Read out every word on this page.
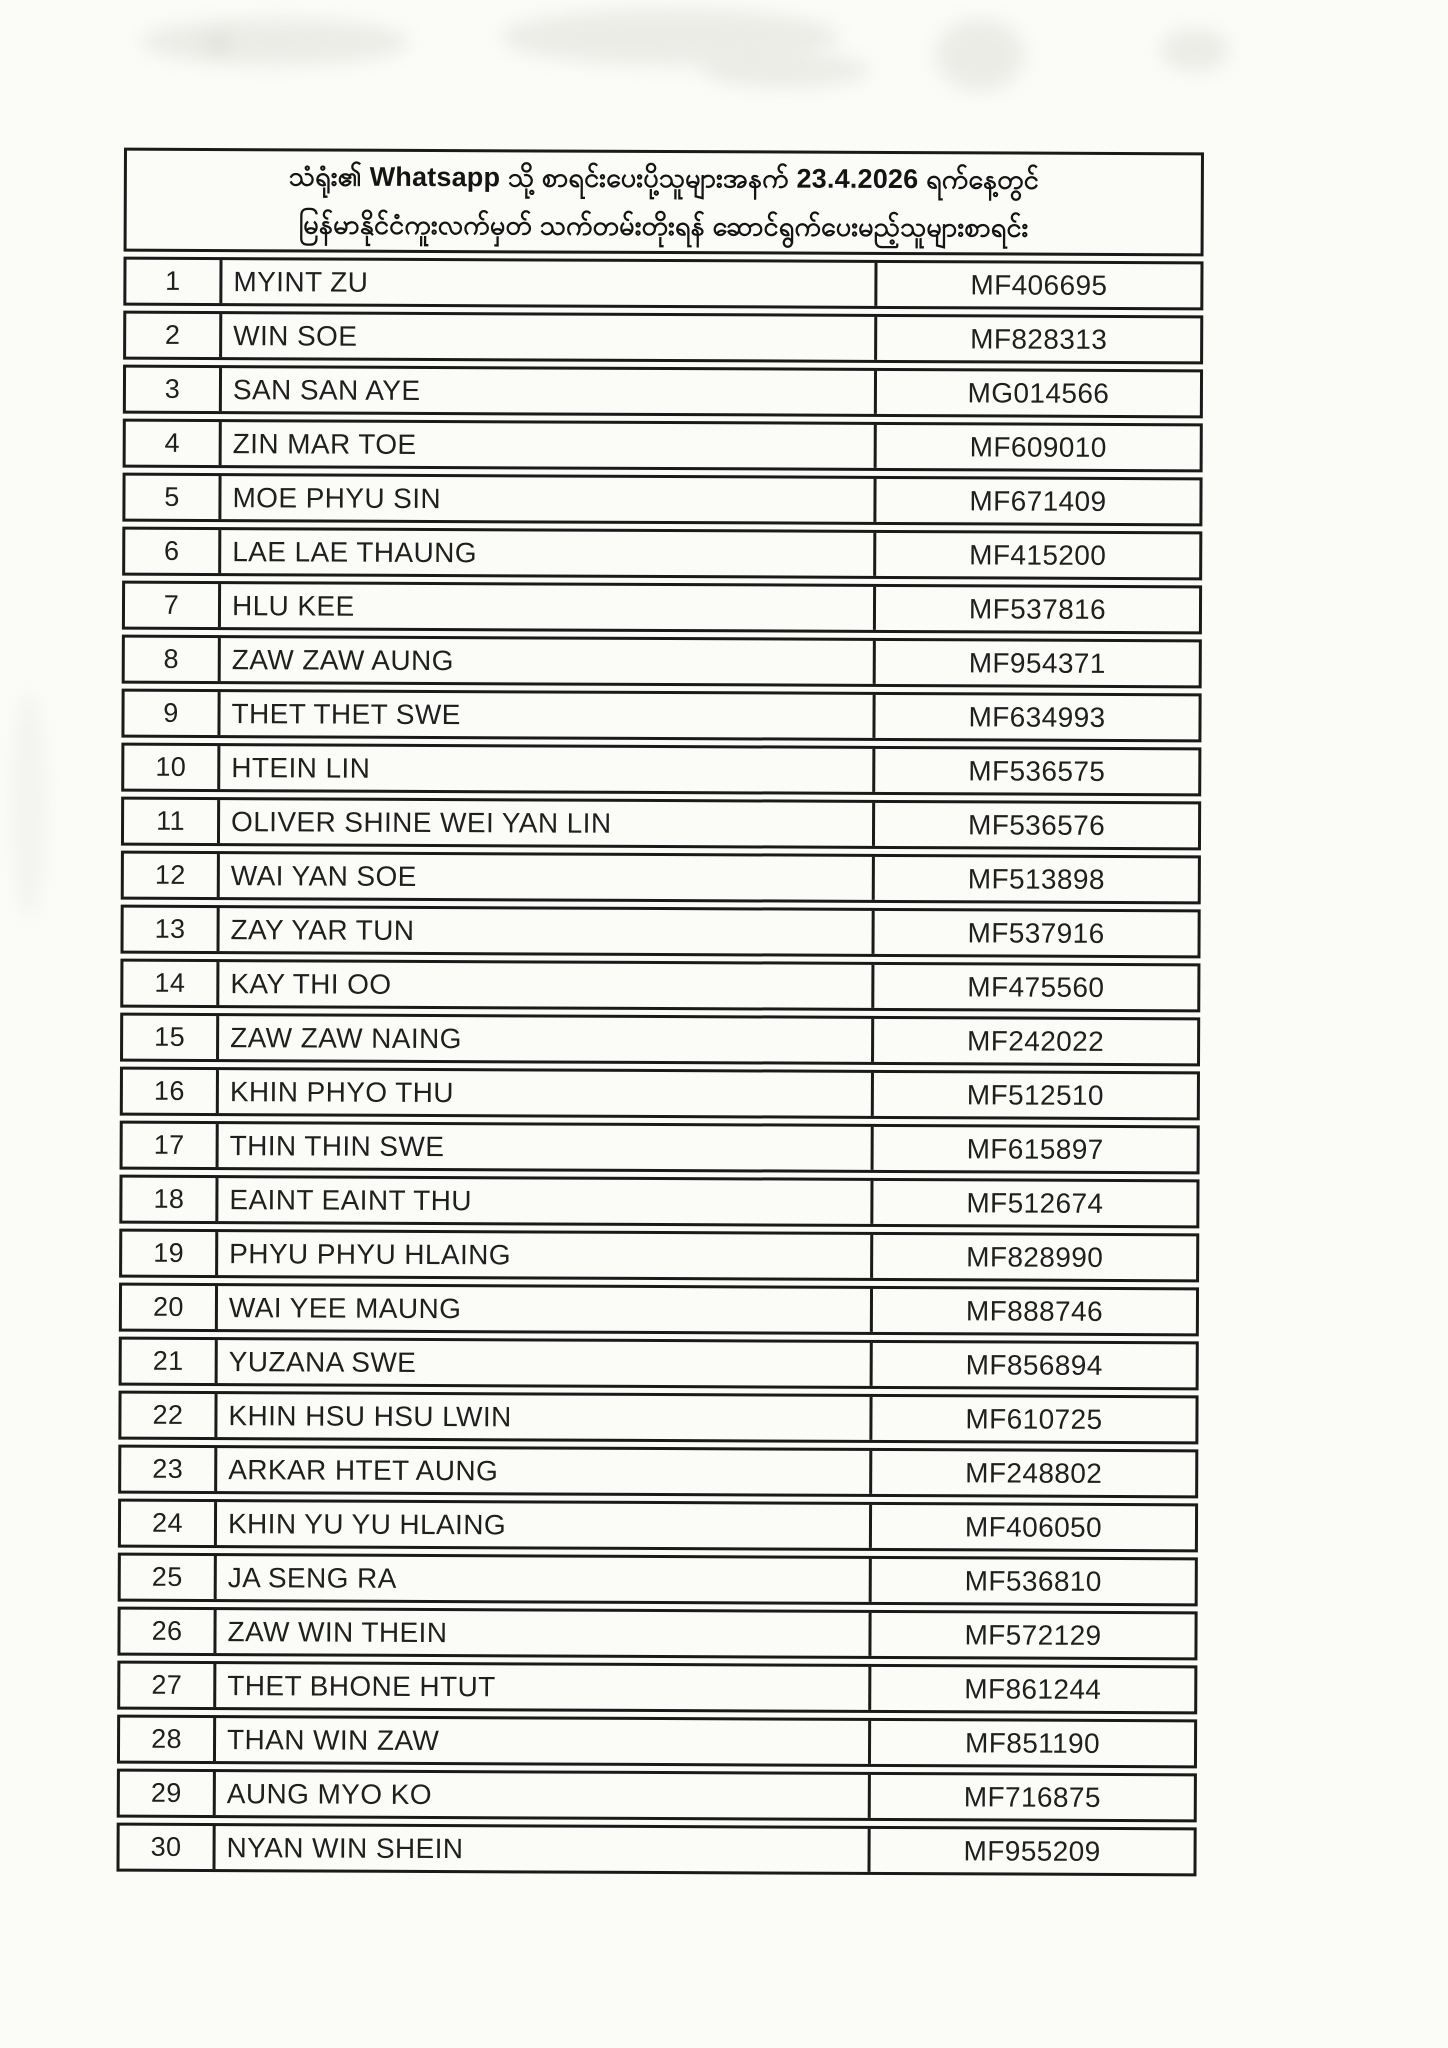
သံရုံး၏ Whatsapp သို့ စာရင်းပေးပို့သူများအနက် 23.4.2026 ရက်နေ့တွင်
မြန်မာနိုင်ငံကူးလက်မှတ် သက်တမ်းတိုးရန် ဆောင်ရွက်ပေးမည့်သူများစာရင်း
1	MYINT ZU	MF406695
2	WIN SOE	MF828313
3	SAN SAN AYE	MG014566
4	ZIN MAR TOE	MF609010
5	MOE PHYU SIN	MF671409
6	LAE LAE THAUNG	MF415200
7	HLU KEE	MF537816
8	ZAW ZAW AUNG	MF954371
9	THET THET SWE	MF634993
10	HTEIN LIN	MF536575
11	OLIVER SHINE WEI YAN LIN	MF536576
12	WAI YAN SOE	MF513898
13	ZAY YAR TUN	MF537916
14	KAY THI OO	MF475560
15	ZAW ZAW NAING	MF242022
16	KHIN PHYO THU	MF512510
17	THIN THIN SWE	MF615897
18	EAINT EAINT THU	MF512674
19	PHYU PHYU HLAING	MF828990
20	WAI YEE MAUNG	MF888746
21	YUZANA SWE	MF856894
22	KHIN HSU HSU LWIN	MF610725
23	ARKAR HTET AUNG	MF248802
24	KHIN YU YU HLAING	MF406050
25	JA SENG RA	MF536810
26	ZAW WIN THEIN	MF572129
27	THET BHONE HTUT	MF861244
28	THAN WIN ZAW	MF851190
29	AUNG MYO KO	MF716875
30	NYAN WIN SHEIN	MF955209
